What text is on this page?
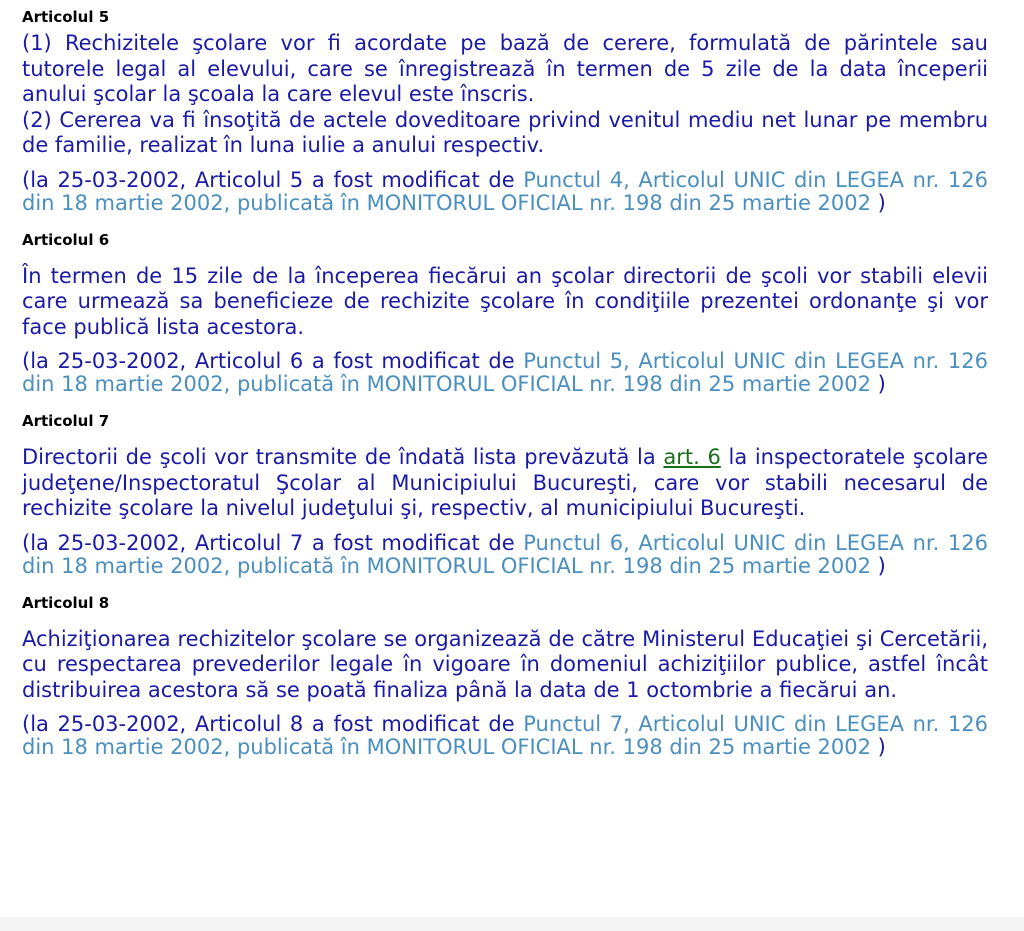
Articolul 5

(1) Rechizitele şcolare vor fi acordate pe bază de cerere, formulată de părintele sau tutorele legal al elevului, care se înregistrează în termen de 5 zile de la data începerii anului şcolar la şcoala la care elevul este înscris.

(2) Cererea va fi însoţită de actele doveditoare privind venitul mediu net lunar pe membru de familie, realizat în luna iulie a anului respectiv.

(la 25-03-2002, Articolul 5 a fost modificat de Punctul 4, Articolul UNIC din LEGEA nr. 126 din 18 martie 2002, publicată în MONITORUL OFICIAL nr. 198 din 25 martie 2002 )

Articolul 6

În termen de 15 zile de la începerea fiecărui an şcolar directorii de şcoli vor stabili elevii care urmează sa beneficieze de rechizite şcolare în condiţiile prezentei ordonanţe şi vor face publică lista acestora.

(la 25-03-2002, Articolul 6 a fost modificat de Punctul 5, Articolul UNIC din LEGEA nr. 126 din 18 martie 2002, publicată în MONITORUL OFICIAL nr. 198 din 25 martie 2002 )

Articolul 7

Directorii de şcoli vor transmite de îndată lista prevăzută la art. 6 la inspectoratele şcolare judeţene/Inspectoratul Şcolar al Municipiului Bucureşti, care vor stabili necesarul de rechizite şcolare la nivelul judeţului şi, respectiv, al municipiului Bucureşti.

(la 25-03-2002, Articolul 7 a fost modificat de Punctul 6, Articolul UNIC din LEGEA nr. 126 din 18 martie 2002, publicată în MONITORUL OFICIAL nr. 198 din 25 martie 2002 )

Articolul 8

Achiziţionarea rechizitelor şcolare se organizează de către Ministerul Educaţiei şi Cercetării, cu respectarea prevederilor legale în vigoare în domeniul achiziţiilor publice, astfel încât distribuirea acestora să se poată finaliza până la data de 1 octombrie a fiecărui an.

(la 25-03-2002, Articolul 8 a fost modificat de Punctul 7, Articolul UNIC din LEGEA nr. 126 din 18 martie 2002, publicată în MONITORUL OFICIAL nr. 198 din 25 martie 2002 )
